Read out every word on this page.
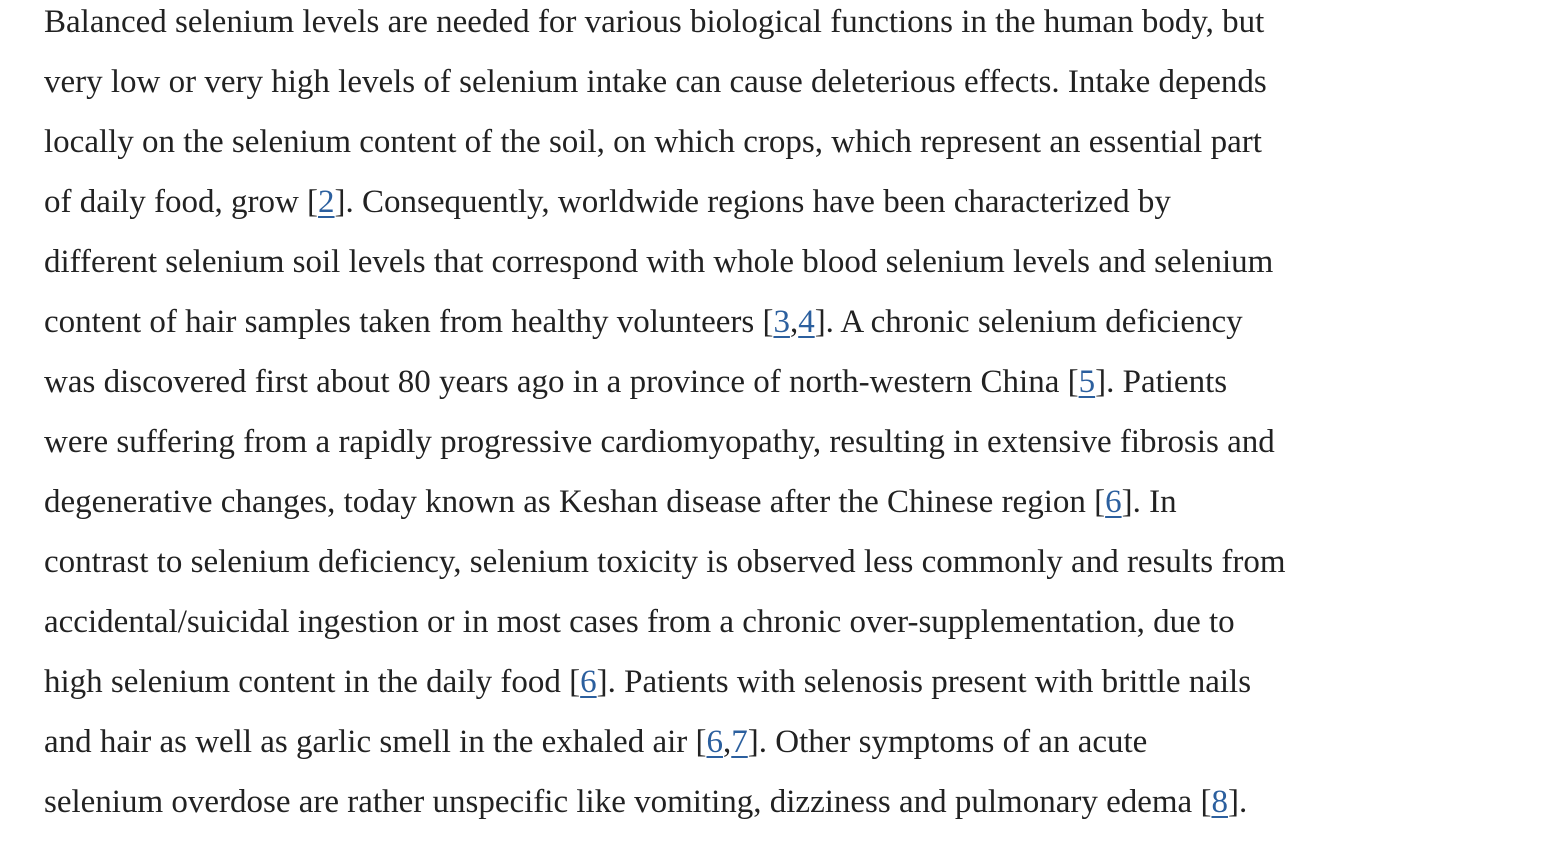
Balanced selenium levels are needed for various biological functions in the human body, but
very low or very high levels of selenium intake can cause deleterious effects. Intake depends
locally on the selenium content of the soil, on which crops, which represent an essential part
of daily food, grow [2]. Consequently, worldwide regions have been characterized by
different selenium soil levels that correspond with whole blood selenium levels and selenium
content of hair samples taken from healthy volunteers [3,4]. A chronic selenium deficiency
was discovered first about 80 years ago in a province of north-western China [5]. Patients
were suffering from a rapidly progressive cardiomyopathy, resulting in extensive fibrosis and
degenerative changes, today known as Keshan disease after the Chinese region [6]. In
contrast to selenium deficiency, selenium toxicity is observed less commonly and results from
accidental/suicidal ingestion or in most cases from a chronic over-supplementation, due to
high selenium content in the daily food [6]. Patients with selenosis present with brittle nails
and hair as well as garlic smell in the exhaled air [6,7]. Other symptoms of an acute
selenium overdose are rather unspecific like vomiting, dizziness and pulmonary edema [8].
